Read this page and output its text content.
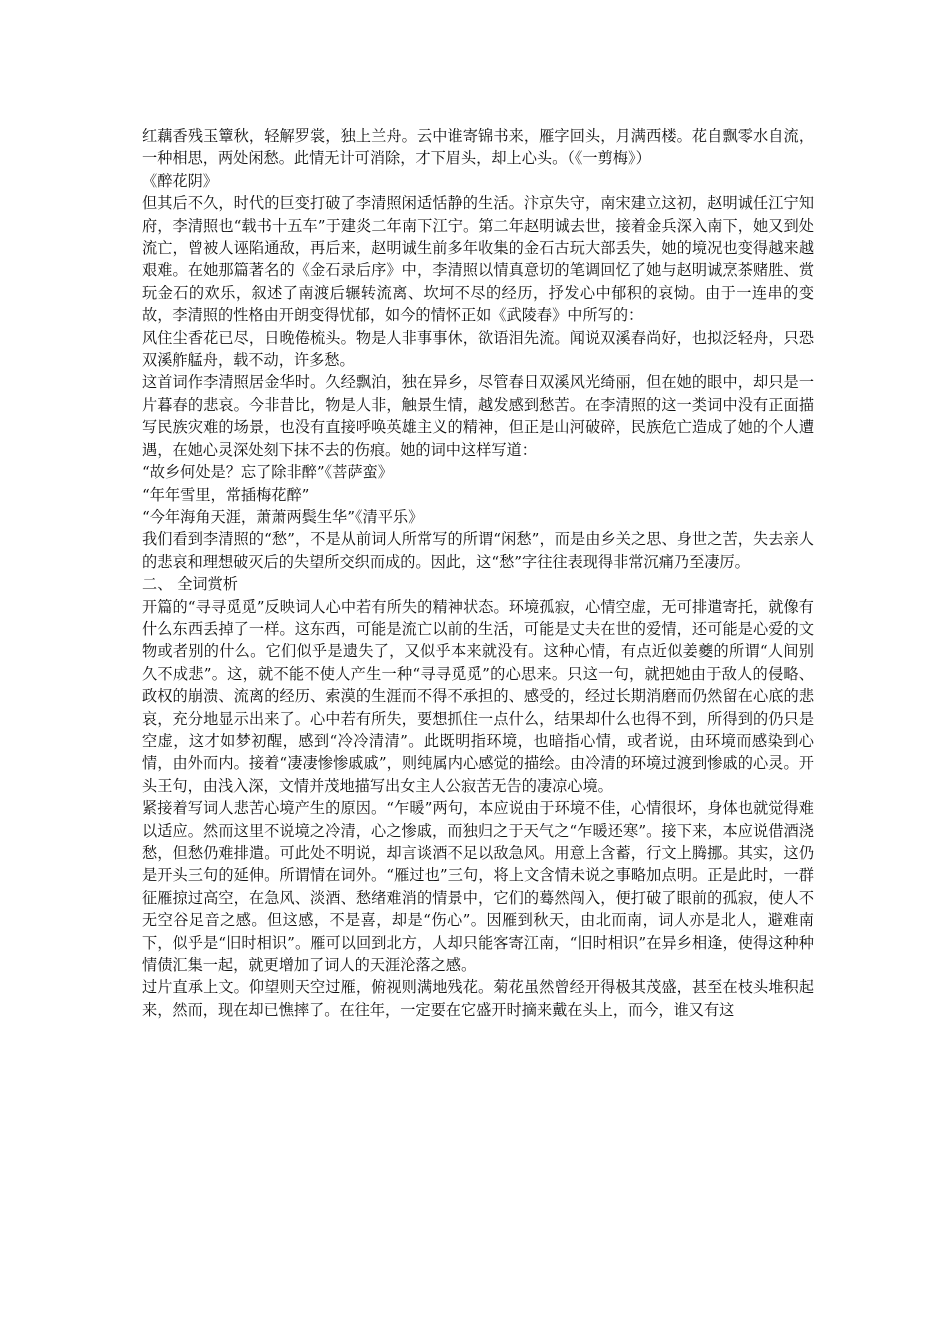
红藕香残玉簟秋，轻解罗裳，独上兰舟。云中谁寄锦书来，雁字回头，月满西楼。花自飘零水自流，一种相思，两处闲愁。此情无计可消除，才下眉头，却上心头。（《一剪梅》）

《醉花阴》

但其后不久，时代的巨变打破了李清照闲适恬静的生活。汴京失守，南宋建立这初，赵明诚任江宁知府，李清照也“载书十五车”于建炎二年南下江宁。第二年赵明诚去世，接着金兵深入南下，她又到处流亡，曾被人诬陷通敌，再后来，赵明诚生前多年收集的金石古玩大部丢失，她的境况也变得越来越艰难。在她那篇著名的《金石录后序》中，李清照以情真意切的笔调回忆了她与赵明诚烹茶赌胜、赏玩金石的欢乐，叙述了南渡后辗转流离、坎坷不尽的经历，抒发心中郁积的哀恸。由于一连串的变故，李清照的性格由开朗变得忧郁，如今的情怀正如《武陵春》中所写的：

风住尘香花已尽，日晚倦梳头。物是人非事事休，欲语泪先流。闻说双溪春尚好，也拟泛轻舟，只恐双溪舴艋舟，载不动，许多愁。

这首词作李清照居金华时。久经飘泊，独在异乡，尽管春日双溪风光绮丽，但在她的眼中，却只是一片暮春的悲哀。今非昔比，物是人非，触景生情，越发感到愁苦。在李清照的这一类词中没有正面描写民族灾难的场景，也没有直接呼唤英雄主义的精神，但正是山河破碎，民族危亡造成了她的个人遭遇，在她心灵深处刻下抹不去的伤痕。她的词中这样写道：

“故乡何处是？忘了除非醉”《菩萨蛮》

“年年雪里，常插梅花醉”

“今年海角天涯，萧萧两鬓生华”《清平乐》

我们看到李清照的“愁”，不是从前词人所常写的所谓“闲愁”，而是由乡关之思、身世之苦，失去亲人的悲哀和理想破灭后的失望所交织而成的。因此，这“愁”字往往表现得非常沉痛乃至凄厉。

二、 全词赏析

开篇的“寻寻觅觅”反映词人心中若有所失的精神状态。环境孤寂，心情空虚，无可排遣寄托，就像有什么东西丢掉了一样。这东西，可能是流亡以前的生活，可能是丈夫在世的爱情，还可能是心爱的文物或者别的什么。它们似乎是遗失了，又似乎本来就没有。这种心情，有点近似姜夔的所谓“人间别久不成悲”。这，就不能不使人产生一种“寻寻觅觅”的心思来。只这一句，就把她由于敌人的侵略、政权的崩溃、流离的经历、索漠的生涯而不得不承担的、感受的，经过长期消磨而仍然留在心底的悲哀，充分地显示出来了。心中若有所失，要想抓住一点什么，结果却什么也得不到，所得到的仍只是空虚，这才如梦初醒，感到“冷冷清清”。此既明指环境，也暗指心情，或者说，由环境而感染到心情，由外而内。接着“凄凄惨惨戚戚”，则纯属内心感觉的描绘。由冷清的环境过渡到惨戚的心灵。开头王句，由浅入深，文情并茂地描写出女主人公寂苦无告的凄凉心境。

紧接着写词人悲苦心境产生的原因。“乍暖”两句，本应说由于环境不佳，心情很坏，身体也就觉得难以适应。然而这里不说境之冷清，心之惨戚，而独归之于天气之“乍暖还寒”。接下来，本应说借酒浇愁，但愁仍难排遣。可此处不明说，却言谈酒不足以敌急风。用意上含蓄，行文上腾挪。其实，这仍是开头三句的延伸。所谓情在词外。“雁过也”三句，将上文含情未说之事略加点明。正是此时，一群征雁掠过高空，在急风、淡酒、愁绪难消的情景中，它们的蓦然闯入，便打破了眼前的孤寂，使人不无空谷足音之感。但这感，不是喜，却是“伤心”。因雁到秋天，由北而南，词人亦是北人，避难南下，似乎是“旧时相识”。雁可以回到北方，人却只能客寄江南，“旧时相识”在异乡相逢，使得这种种情债汇集一起，就更增加了词人的天涯沦落之感。

过片直承上文。仰望则天空过雁，俯视则满地残花。菊花虽然曾经开得极其茂盛，甚至在枝头堆积起来，然而，现在却已憔摔了。在往年，一定要在它盛开时摘来戴在头上，而今，谁又有这
